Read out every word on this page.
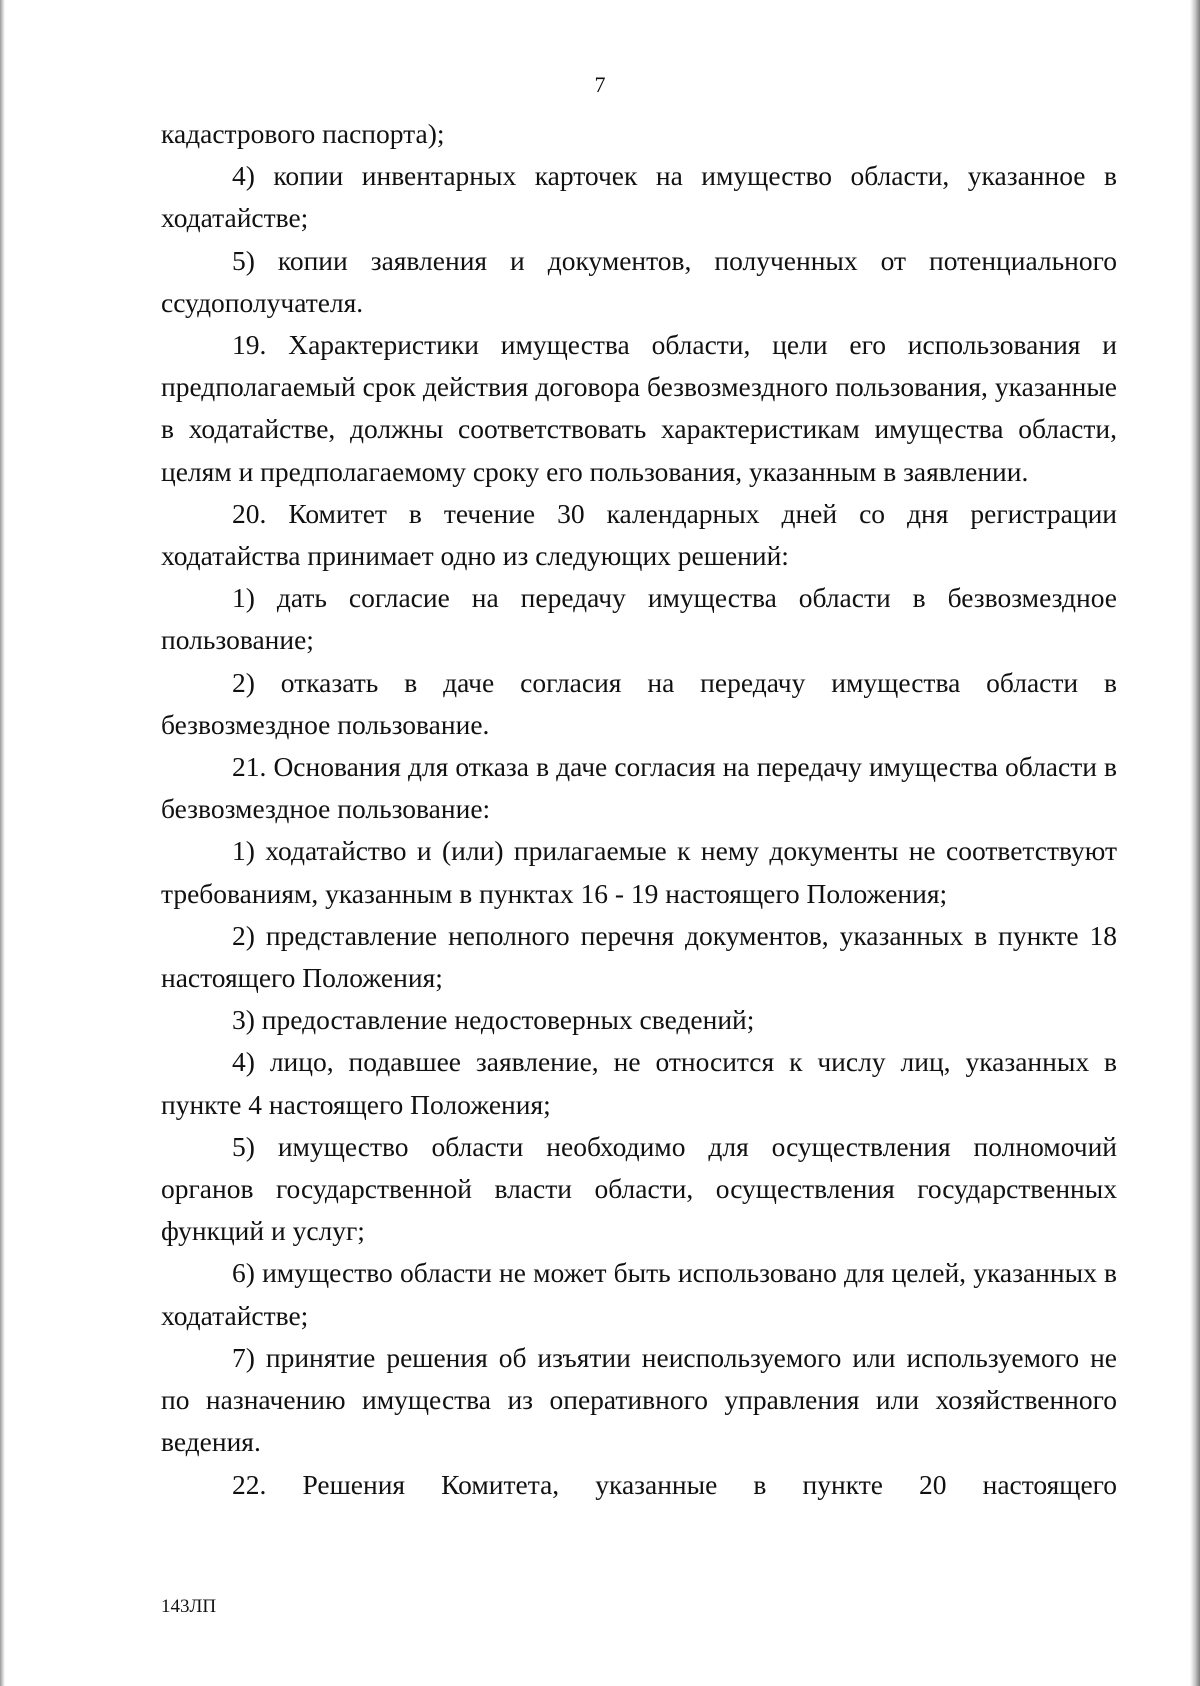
7

кадастрового паспорта);

4) копии инвентарных карточек на имущество области, указанное в ходатайстве;

5) копии заявления и документов, полученных от потенциального ссудополучателя.

19. Характеристики имущества области, цели его использования и предполагаемый срок действия договора безвозмездного пользования, указанные в ходатайстве, должны соответствовать характеристикам имущества области, целям и предполагаемому сроку его пользования, указанным в заявлении.

20. Комитет в течение 30 календарных дней со дня регистрации ходатайства принимает одно из следующих решений:

1) дать согласие на передачу имущества области в безвозмездное пользование;

2) отказать в даче согласия на передачу имущества области в безвозмездное пользование.

21. Основания для отказа в даче согласия на передачу имущества области в безвозмездное пользование:

1) ходатайство и (или) прилагаемые к нему документы не соответствуют требованиям, указанным в пунктах 16 - 19 настоящего Положения;

2) представление неполного перечня документов, указанных в пункте 18 настоящего Положения;

3) предоставление недостоверных сведений;

4) лицо, подавшее заявление, не относится к числу лиц, указанных в пункте 4 настоящего Положения;

5) имущество области необходимо для осуществления полномочий органов государственной власти области, осуществления государственных функций и услуг;

6) имущество области не может быть использовано для целей, указанных в ходатайстве;

7) принятие решения об изъятии неиспользуемого или используемого не по назначению имущества из оперативного управления или хозяйственного ведения.

22. Решения Комитета, указанные в пункте 20 настоящего

143ЛП
